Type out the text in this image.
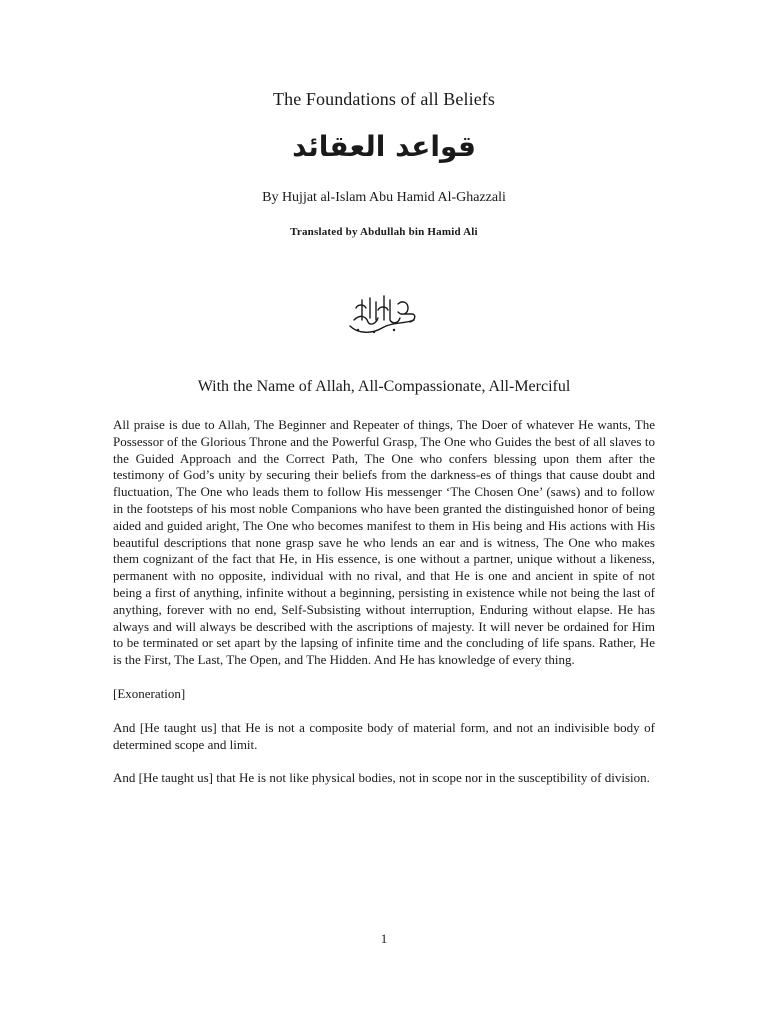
The Foundations of all Beliefs
قواعد العقائد
By Hujjat al-Islam Abu Hamid Al-Ghazzali
Translated by Abdullah bin Hamid Ali
With the Name of Allah, All-Compassionate, All-Merciful

All praise is due to Allah, The Beginner and Repeater of things, The Doer of whatever He wants, The Possessor of the Glorious Throne and the Powerful Grasp, The One who Guides the best of all slaves to the Guided Approach and the Correct Path, The One who confers blessing upon them after the testimony of God’s unity by securing their beliefs from the darkness-es of things that cause doubt and fluctuation, The One who leads them to follow His messenger ‘The Chosen One’ (saws) and to follow in the footsteps of his most noble Companions who have been granted the distinguished honor of being aided and guided aright, The One who becomes manifest to them in His being and His actions with His beautiful descriptions that none grasp save he who lends an ear and is witness, The One who makes them cognizant of the fact that He, in His essence, is one without a partner, unique without a likeness, permanent with no opposite, individual with no rival, and that He is one and ancient in spite of not being a first of anything, infinite without a beginning, persisting in existence while not being the last of anything, forever with no end, Self-Subsisting without interruption, Enduring without elapse. He has always and will always be described with the ascriptions of majesty. It will never be ordained for Him to be terminated or set apart by the lapsing of infinite time and the concluding of life spans. Rather, He is the First, The Last, The Open, and The Hidden. And He has knowledge of every thing.

[Exoneration]

And [He taught us] that He is not a composite body of material form, and not an indivisible body of determined scope and limit.

And [He taught us] that He is not like physical bodies, not in scope nor in the susceptibility of division.

1
